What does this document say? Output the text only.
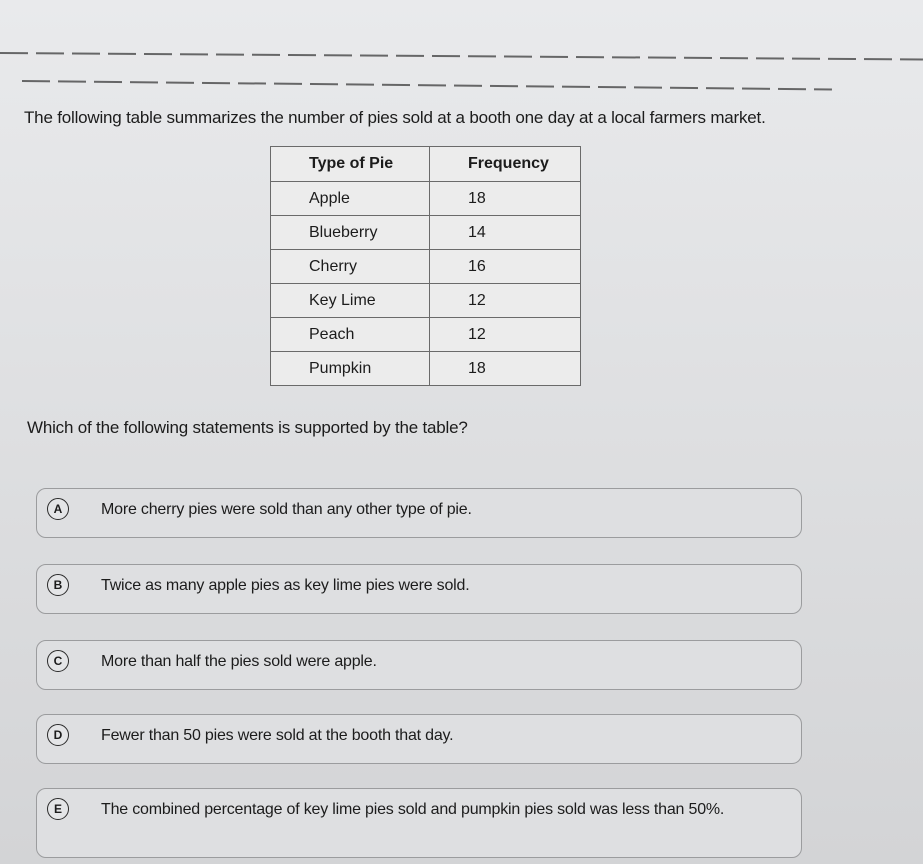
The following table summarizes the number of pies sold at a booth one day at a local farmers market.
Type of Pie	Frequency
Apple	18
Blueberry	14
Cherry	16
Key Lime	12
Peach	12
Pumpkin	18
Which of the following statements is supported by the table?
A	More cherry pies were sold than any other type of pie.
B	Twice as many apple pies as key lime pies were sold.
C	More than half the pies sold were apple.
D	Fewer than 50 pies were sold at the booth that day.
E	The combined percentage of key lime pies sold and pumpkin pies sold was less than 50%.
